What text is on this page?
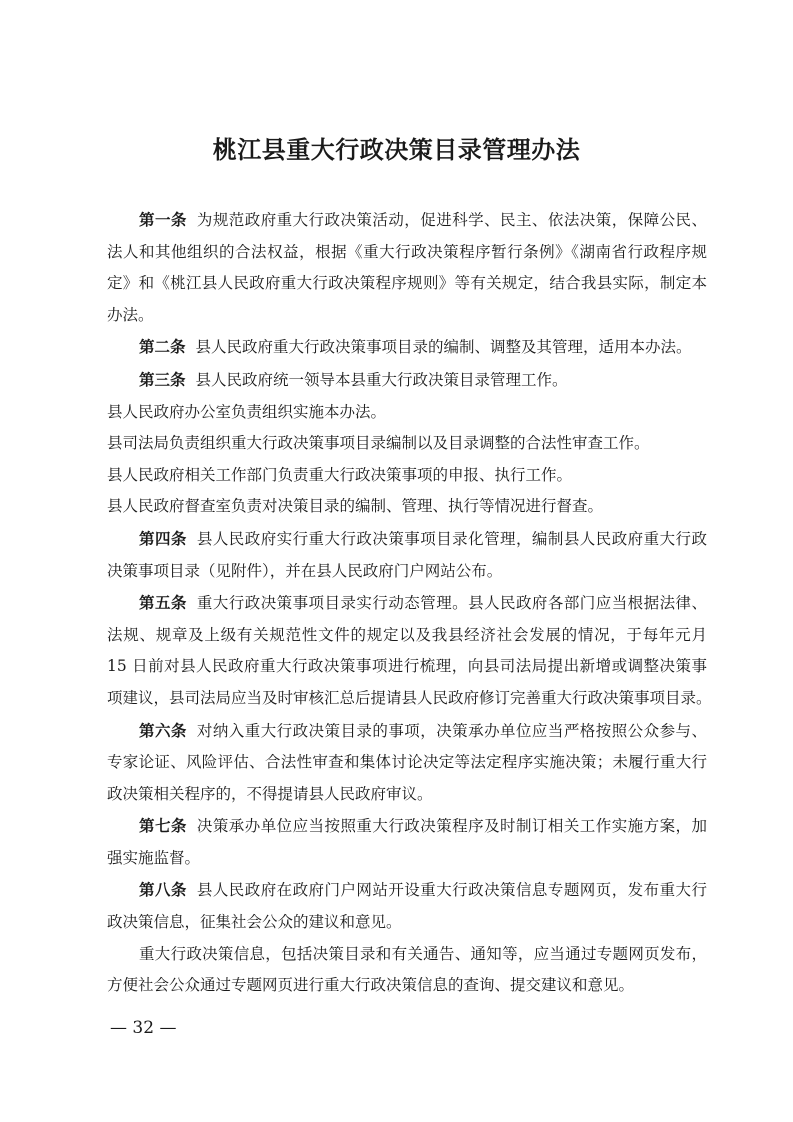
桃江县重大行政决策目录管理办法
第一条 为规范政府重大行政决策活动，促进科学、民主、依法决策，保障公民、
法人和其他组织的合法权益，根据《重大行政决策程序暂行条例》《湖南省行政程序规
定》和《桃江县人民政府重大行政决策程序规则》等有关规定，结合我县实际，制定本
办法。
第二条 县人民政府重大行政决策事项目录的编制、调整及其管理，适用本办法。
第三条 县人民政府统一领导本县重大行政决策目录管理工作。
县人民政府办公室负责组织实施本办法。
县司法局负责组织重大行政决策事项目录编制以及目录调整的合法性审查工作。
县人民政府相关工作部门负责重大行政决策事项的申报、执行工作。
县人民政府督查室负责对决策目录的编制、管理、执行等情况进行督查。
第四条 县人民政府实行重大行政决策事项目录化管理，编制县人民政府重大行政
决策事项目录（见附件），并在县人民政府门户网站公布。
第五条 重大行政决策事项目录实行动态管理。县人民政府各部门应当根据法律、
法规、规章及上级有关规范性文件的规定以及我县经济社会发展的情况，于每年元月
15 日前对县人民政府重大行政决策事项进行梳理，向县司法局提出新增或调整决策事
项建议，县司法局应当及时审核汇总后提请县人民政府修订完善重大行政决策事项目录。
第六条 对纳入重大行政决策目录的事项，决策承办单位应当严格按照公众参与、
专家论证、风险评估、合法性审查和集体讨论决定等法定程序实施决策；未履行重大行
政决策相关程序的，不得提请县人民政府审议。
第七条 决策承办单位应当按照重大行政决策程序及时制订相关工作实施方案，加
强实施监督。
第八条 县人民政府在政府门户网站开设重大行政决策信息专题网页，发布重大行
政决策信息，征集社会公众的建议和意见。
重大行政决策信息，包括决策目录和有关通告、通知等，应当通过专题网页发布，
方便社会公众通过专题网页进行重大行政决策信息的查询、提交建议和意见。
— 32 —
